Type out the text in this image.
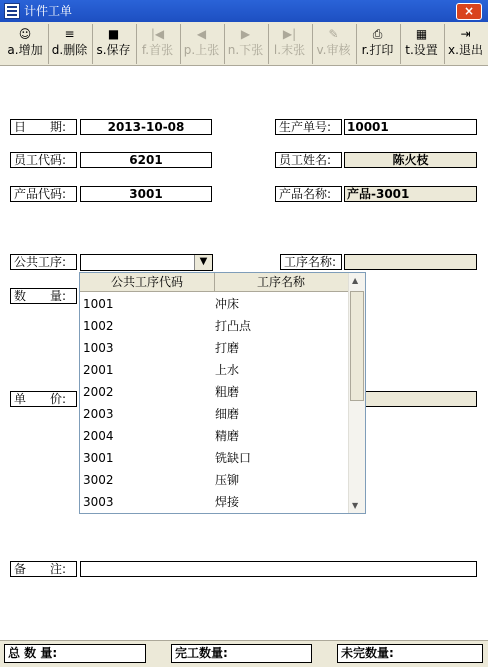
计件工单	×
☺
a.增加
≡
d.删除
■
s.保存
|◀
f.首张
◀
p.上张
▶
n.下张
▶|
l.末张
✎
v.审核
⎙
r.打印
▦
t.设置
⇥
x.退出
日　　期:	2013-10-08	生产单号:	10001
员工代码:	6201	员工姓名:	陈火枝
产品代码:	3001	产品名称:	产品-3001
公共工序:	▼	工序名称:
数　　量:
单　　价:
备　　注:
公共工序代码	工序名称
1001	冲床
1002	打凸点
1003	打磨
2001	上水
2002	粗磨
2003	细磨
2004	精磨
3001	铣缺口
3002	压铆
3003	焊接
▲
▼
总 数 量:	完工数量:	未完数量:
